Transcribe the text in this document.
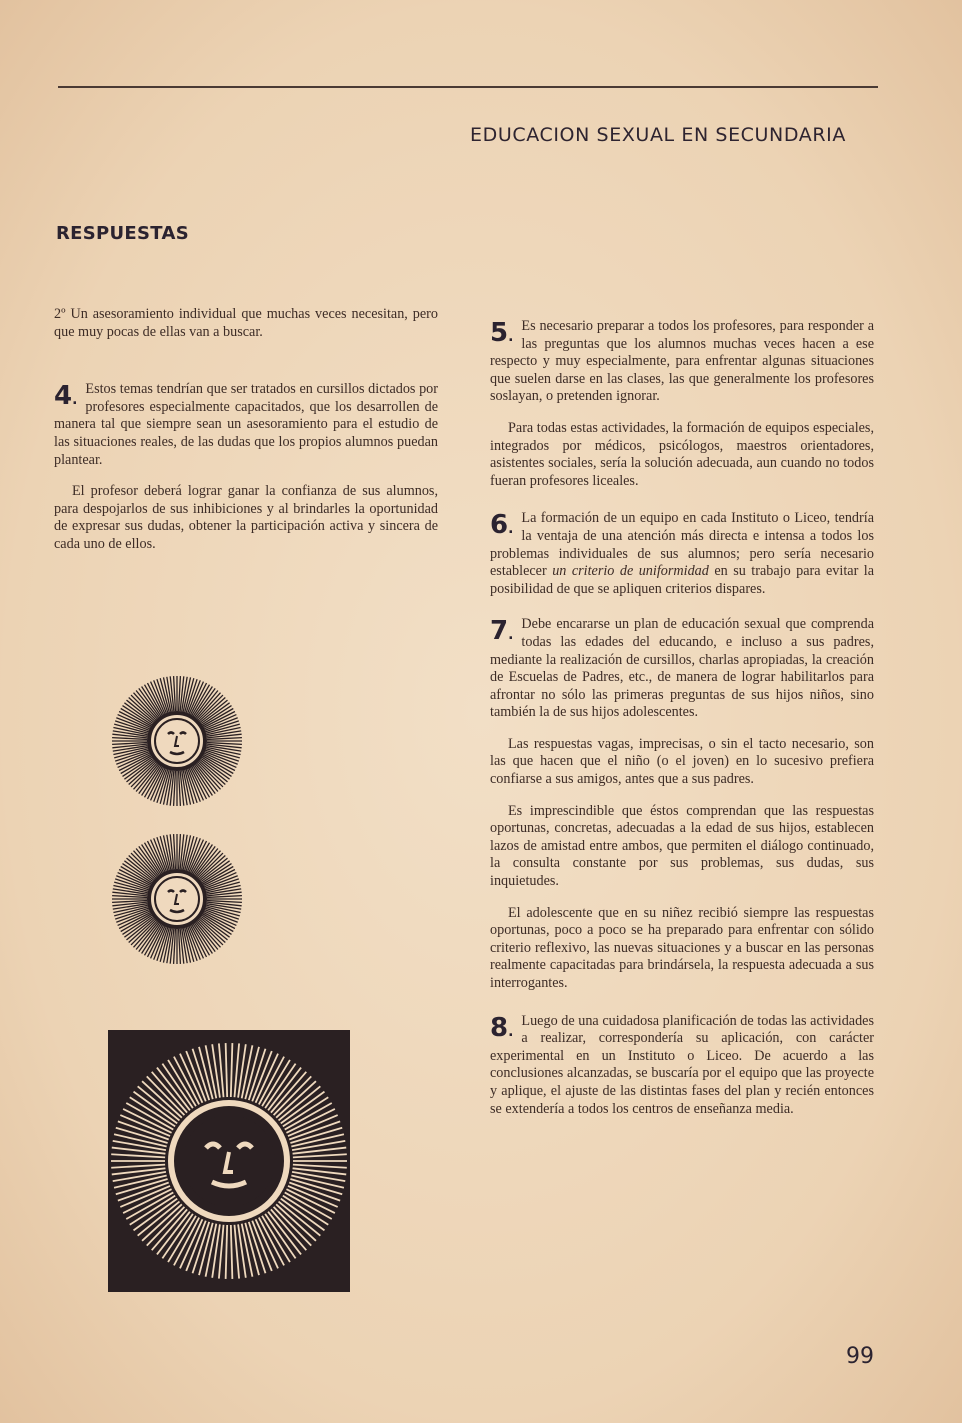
EDUCACION SEXUAL EN SECUNDARIA
RESPUESTAS

2º Un asesoramiento individual que muchas veces necesitan, pero que muy pocas de ellas van a buscar.

4.
Estos temas tendrían que ser tratados en cursillos dictados por profesores especialmente capacitados, que los desarrollen de manera tal que siempre sean un asesoramiento para el estudio de las situaciones reales, de las dudas que los propios alumnos puedan plantear.

El profesor deberá lograr ganar la confianza de sus alumnos, para despojarlos de sus inhibiciones y al brindarles la oportunidad de expresar sus dudas, obtener la participación activa y sincera de cada uno de ellos.

5.
Es necesario preparar a todos los profesores, para responder a las preguntas que los alumnos muchas veces hacen a ese respecto y muy especialmente, para enfrentar algunas situaciones que suelen darse en las clases, las que generalmente los profesores soslayan, o pretenden ignorar.

Para todas estas actividades, la formación de equipos especiales, integrados por médicos, psicólogos, maestros orientadores, asistentes sociales, sería la solución adecuada, aun cuando no todos fueran profesores liceales.

6.
La formación de un equipo en cada Instituto o Liceo, tendría la ventaja de una atención más directa e intensa a todos los problemas individuales de sus alumnos; pero sería necesario establecer un criterio de uniformidad en su trabajo para evitar la posibilidad de que se apliquen criterios dispares.

7.
Debe encararse un plan de educación sexual que comprenda todas las edades del educando, e incluso a sus padres, mediante la realización de cursillos, charlas apropiadas, la creación de Escuelas de Padres, etc., de manera de lograr habilitarlos para afrontar no sólo las primeras preguntas de sus hijos niños, sino también la de sus hijos adolescentes.

Las respuestas vagas, imprecisas, o sin el tacto necesario, son las que hacen que el niño (o el joven) en lo sucesivo prefiera confiarse a sus amigos, antes que a sus padres.

Es imprescindible que éstos comprendan que las respuestas oportunas, concretas, adecuadas a la edad de sus hijos, establecen lazos de amistad entre ambos, que permiten el diálogo continuado, la consulta constante por sus problemas, sus dudas, sus inquietudes.

El adolescente que en su niñez recibió siempre las respuestas oportunas, poco a poco se ha preparado para enfrentar con sólido criterio reflexivo, las nuevas situaciones y a buscar en las personas realmente capacitadas para brindársela, la respuesta adecuada a sus interrogantes.

8.
Luego de una cuidadosa planificación de todas las actividades a realizar, correspondería su aplicación, con carácter experimental en un Instituto o Liceo. De acuerdo a las conclusiones alcanzadas, se buscaría por el equipo que las proyecte y aplique, el ajuste de las distintas fases del plan y recién entonces se extendería a todos los centros de enseñanza media.

99
